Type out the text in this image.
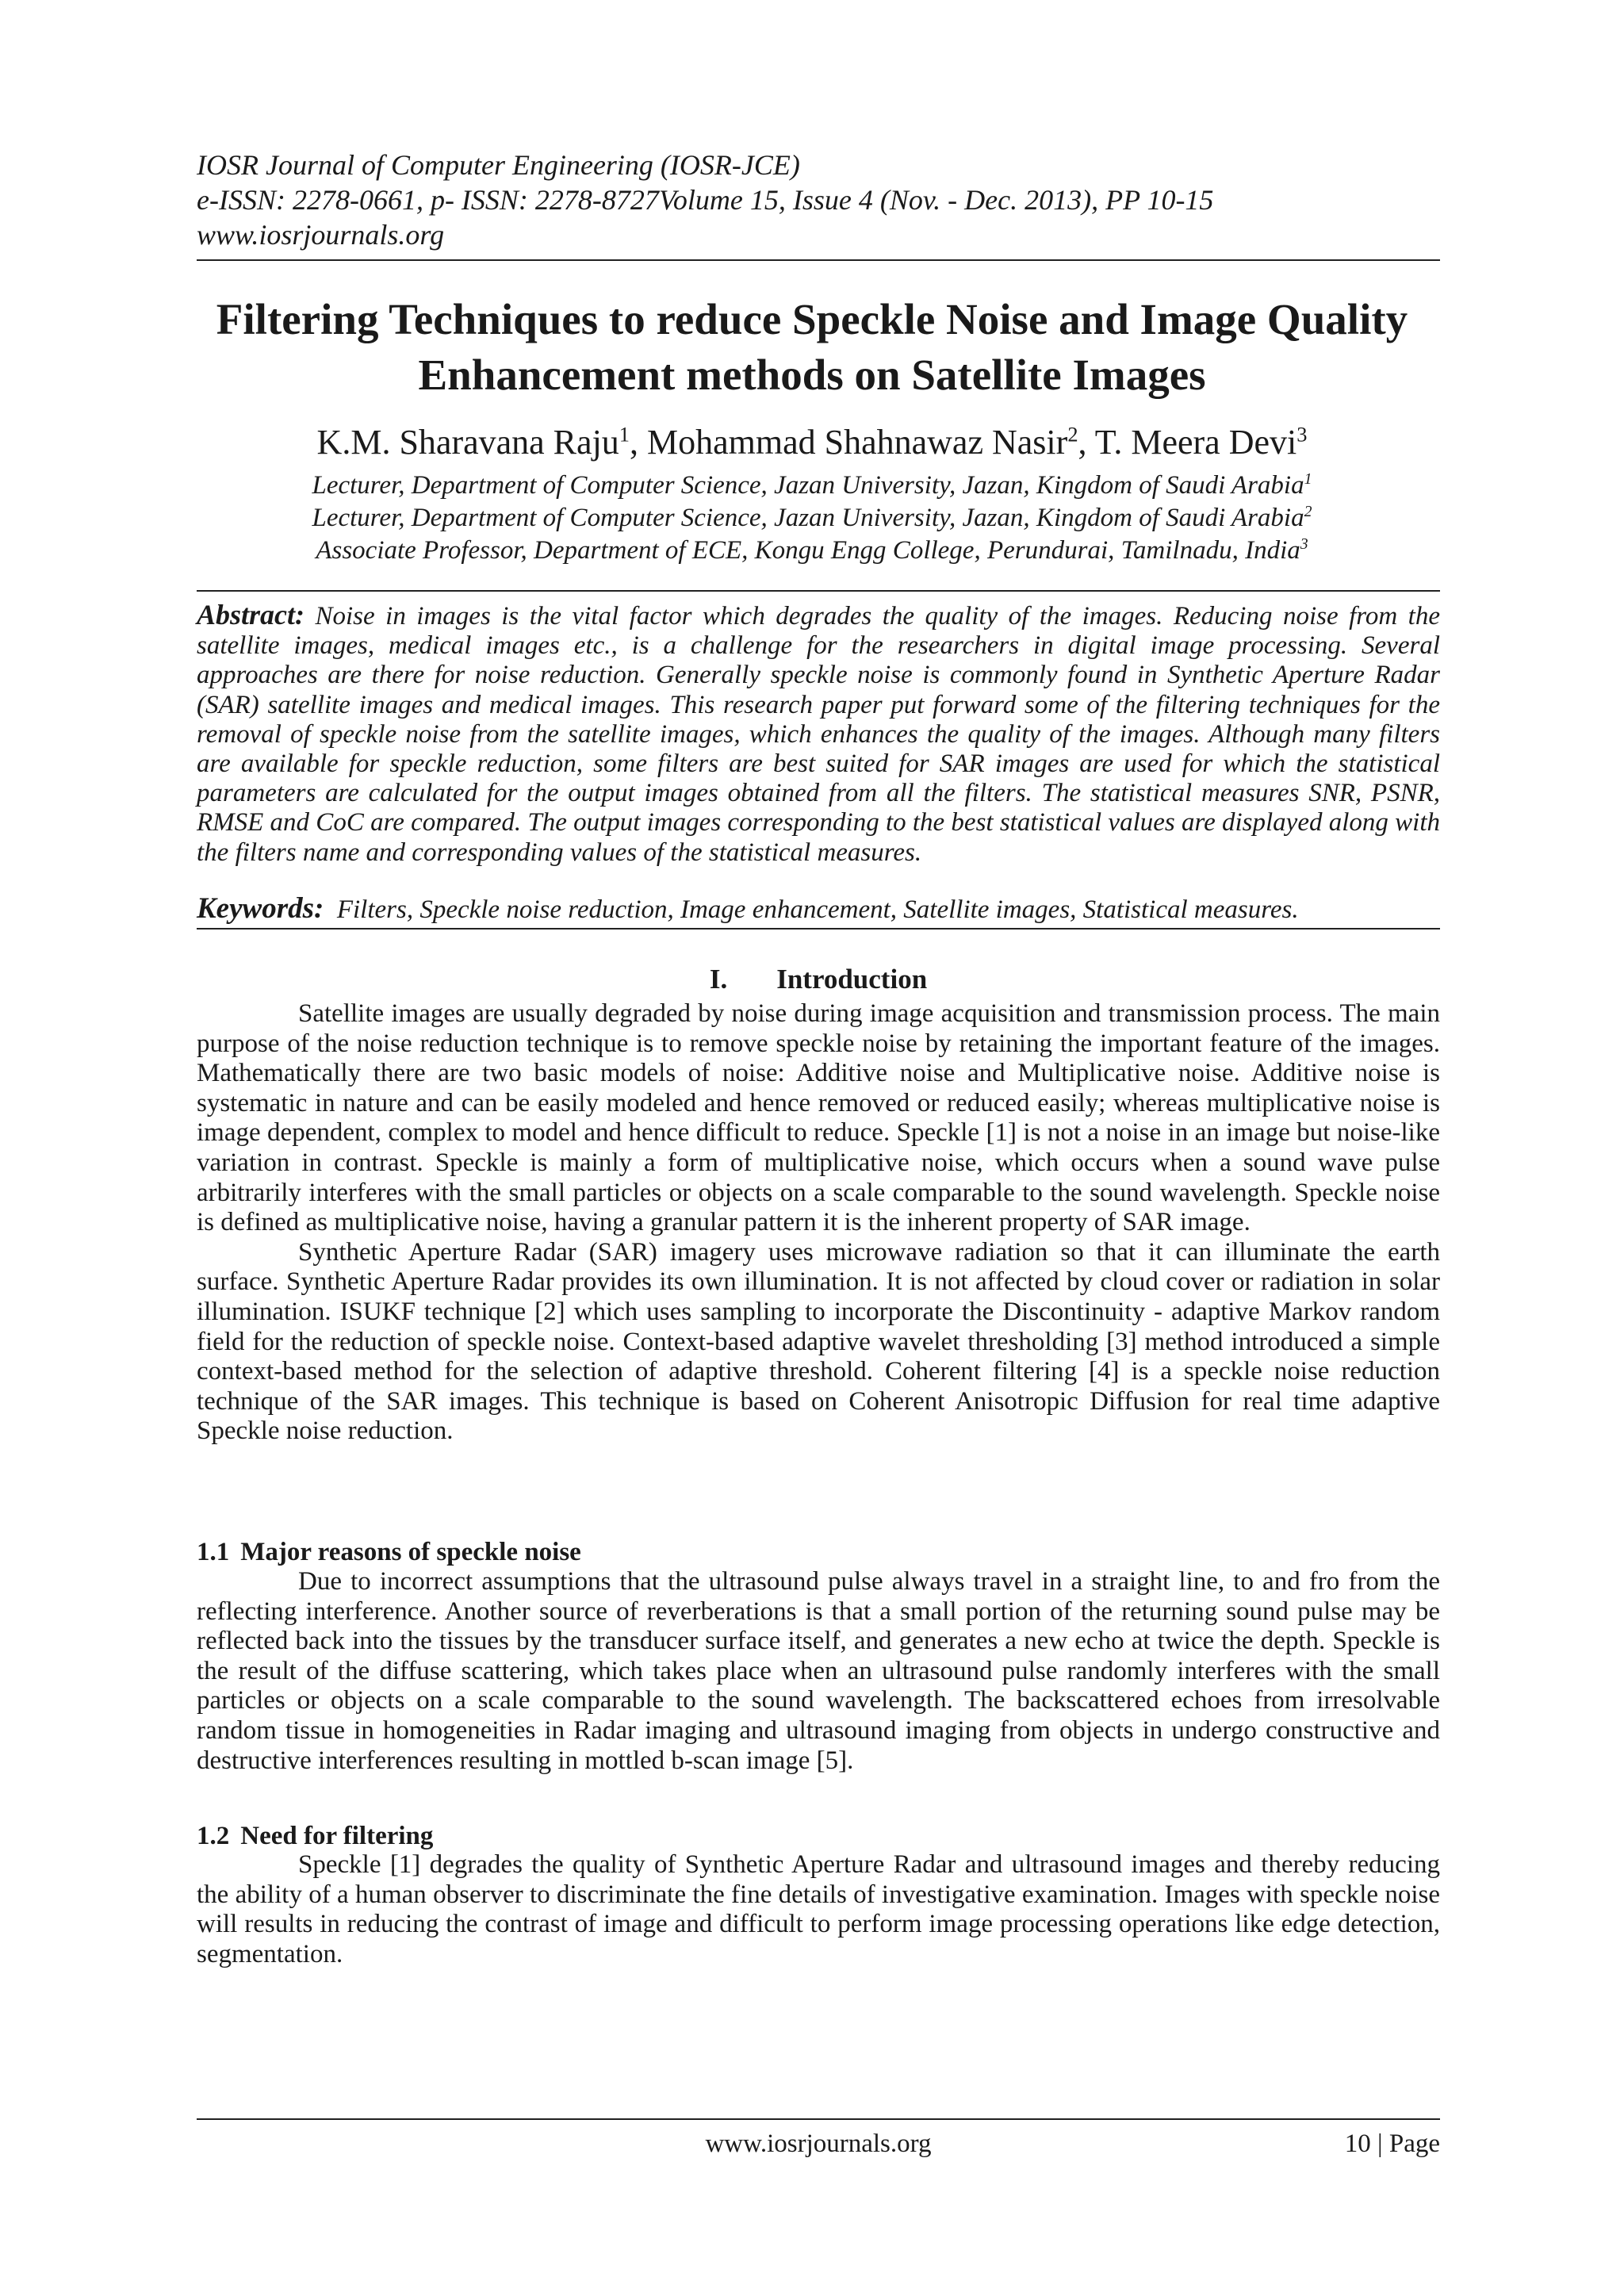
IOSR Journal of Computer Engineering (IOSR-JCE)
e-ISSN: 2278-0661, p- ISSN: 2278-8727Volume 15, Issue 4 (Nov. - Dec. 2013), PP 10-15
www.iosrjournals.org
Filtering Techniques to reduce Speckle Noise and Image Quality
Enhancement methods on Satellite Images
K.M. Sharavana Raju$^1$, Mohammad Shahnawaz Nasir$^2$, T. Meera Devi$^3$
Lecturer, Department of Computer Science, Jazan University, Jazan, Kingdom of Saudi Arabia$^1$
Lecturer, Department of Computer Science, Jazan University, Jazan, Kingdom of Saudi Arabia$^2$
Associate Professor, Department of ECE, Kongu Engg College, Perundurai, Tamilnadu, India$^3$
Abstract: Noise in images is the vital factor which degrades the quality of the images. Reducing noise from the satellite images, medical images etc., is a challenge for the researchers in digital image processing. Several approaches are there for noise reduction. Generally speckle noise is commonly found in Synthetic Aperture Radar (SAR) satellite images and medical images. This research paper put forward some of the filtering techniques for the removal of speckle noise from the satellite images, which enhances the quality of the images. Although many filters are available for speckle reduction, some filters are best suited for SAR images are used for which the statistical parameters are calculated for the output images obtained from all the filters. The statistical measures SNR, PSNR, RMSE and CoC are compared. The output images corresponding to the best statistical values are displayed along with the filters name and corresponding values of the statistical measures.
Keywords: Filters, Speckle noise reduction, Image enhancement, Satellite images, Statistical measures.
I. Introduction

Satellite images are usually degraded by noise during image acquisition and transmission process. The main purpose of the noise reduction technique is to remove speckle noise by retaining the important feature of the images. Mathematically there are two basic models of noise: Additive noise and Multiplicative noise. Additive noise is systematic in nature and can be easily modeled and hence removed or reduced easily; whereas multiplicative noise is image dependent, complex to model and hence difficult to reduce. Speckle [1] is not a noise in an image but noise-like variation in contrast. Speckle is mainly a form of multiplicative noise, which occurs when a sound wave pulse arbitrarily interferes with the small particles or objects on a scale comparable to the sound wavelength. Speckle noise is defined as multiplicative noise, having a granular pattern it is the inherent property of SAR image.

Synthetic Aperture Radar (SAR) imagery uses microwave radiation so that it can illuminate the earth surface. Synthetic Aperture Radar provides its own illumination. It is not affected by cloud cover or radiation in solar illumination. ISUKF technique [2] which uses sampling to incorporate the Discontinuity - adaptive Markov random field for the reduction of speckle noise. Context-based adaptive wavelet thresholding [3] method introduced a simple context-based method for the selection of adaptive threshold. Coherent filtering [4] is a speckle noise reduction technique of the SAR images. This technique is based on Coherent Anisotropic Diffusion for real time adaptive Speckle noise reduction.

1.1 Major reasons of speckle noise

Due to incorrect assumptions that the ultrasound pulse always travel in a straight line, to and fro from the reflecting interference. Another source of reverberations is that a small portion of the returning sound pulse may be reflected back into the tissues by the transducer surface itself, and generates a new echo at twice the depth. Speckle is the result of the diffuse scattering, which takes place when an ultrasound pulse randomly interferes with the small particles or objects on a scale comparable to the sound wavelength. The backscattered echoes from irresolvable random tissue in homogeneities in Radar imaging and ultrasound imaging from objects in undergo constructive and destructive interferences resulting in mottled b-scan image [5].

1.2 Need for filtering

Speckle [1] degrades the quality of Synthetic Aperture Radar and ultrasound images and thereby reducing the ability of a human observer to discriminate the fine details of investigative examination. Images with speckle noise will results in reducing the contrast of image and difficult to perform image processing operations like edge detection, segmentation.

www.iosrjournals.org	10 | Page
